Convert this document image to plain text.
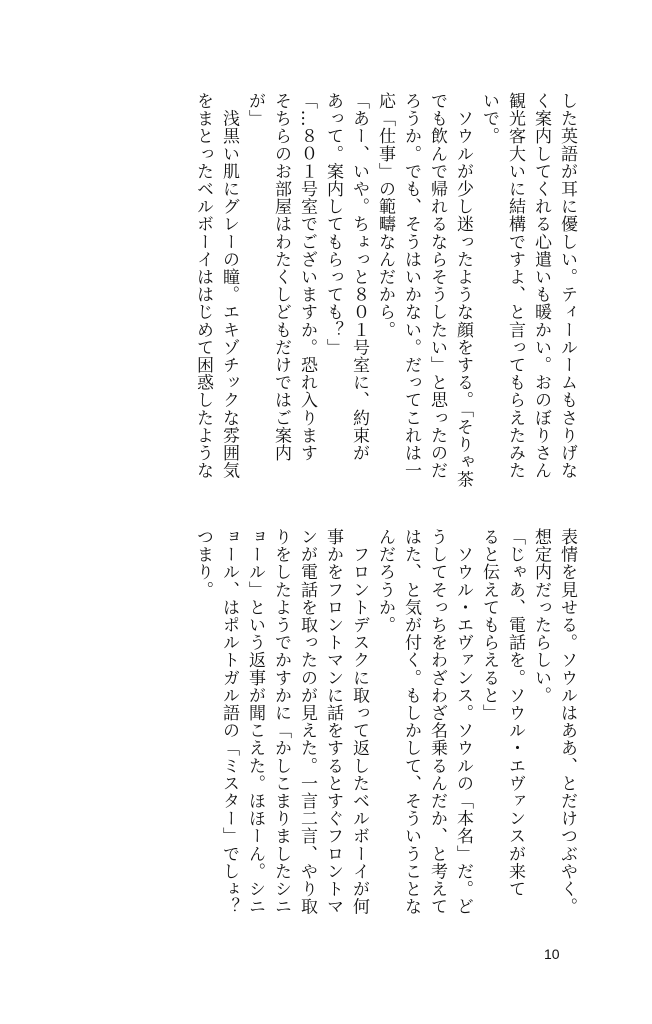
した英語が耳に優しい。ティールームもさりげな
く案内してくれる心遣いも暖かい。おのぼりさん
観光客大いに結構ですよ、と言ってもらえたみた
いで。
　ソウルが少し迷ったような顔をする。「そりゃ茶
でも飲んで帰れるならそうしたい」と思ったのだ
ろうか。でも、そうはいかない。だってこれは一
応「仕事」の範疇なんだから。
「あー、いや。ちょっと８０１号室に、約束が
あって。案内してもらっても？」
「…８０１号室でございますか。恐れ入ります
そちらのお部屋はわたくしどもだけではご案内
が」
　浅黒い肌にグレーの瞳。エキゾチックな雰囲気
をまとったベルボーイははじめて困惑したような
表情を見せる。ソウルはああ、とだけつぶやく。
想定内だったらしい。
「じゃあ、電話を。ソウル・エヴァンスが来て
ると伝えてもらえると」
　ソウル・エヴァンス。ソウルの「本名」だ。ど
うしてそっちをわざわざ名乗るんだか、と考えて
はた、と気が付く。もしかして、そういうことな
んだろうか。
　フロントデスクに取って返したベルボーイが何
事かをフロントマンに話をするとすぐフロントマ
ンが電話を取ったのが見えた。一言二言、やり取
りをしたようでかすかに「かしこまりましたシニ
ョール」という返事が聞こえた。ほほーん。シニ
ョール、はポルトガル語の「ミスター」でしょ？
つまり。
10
